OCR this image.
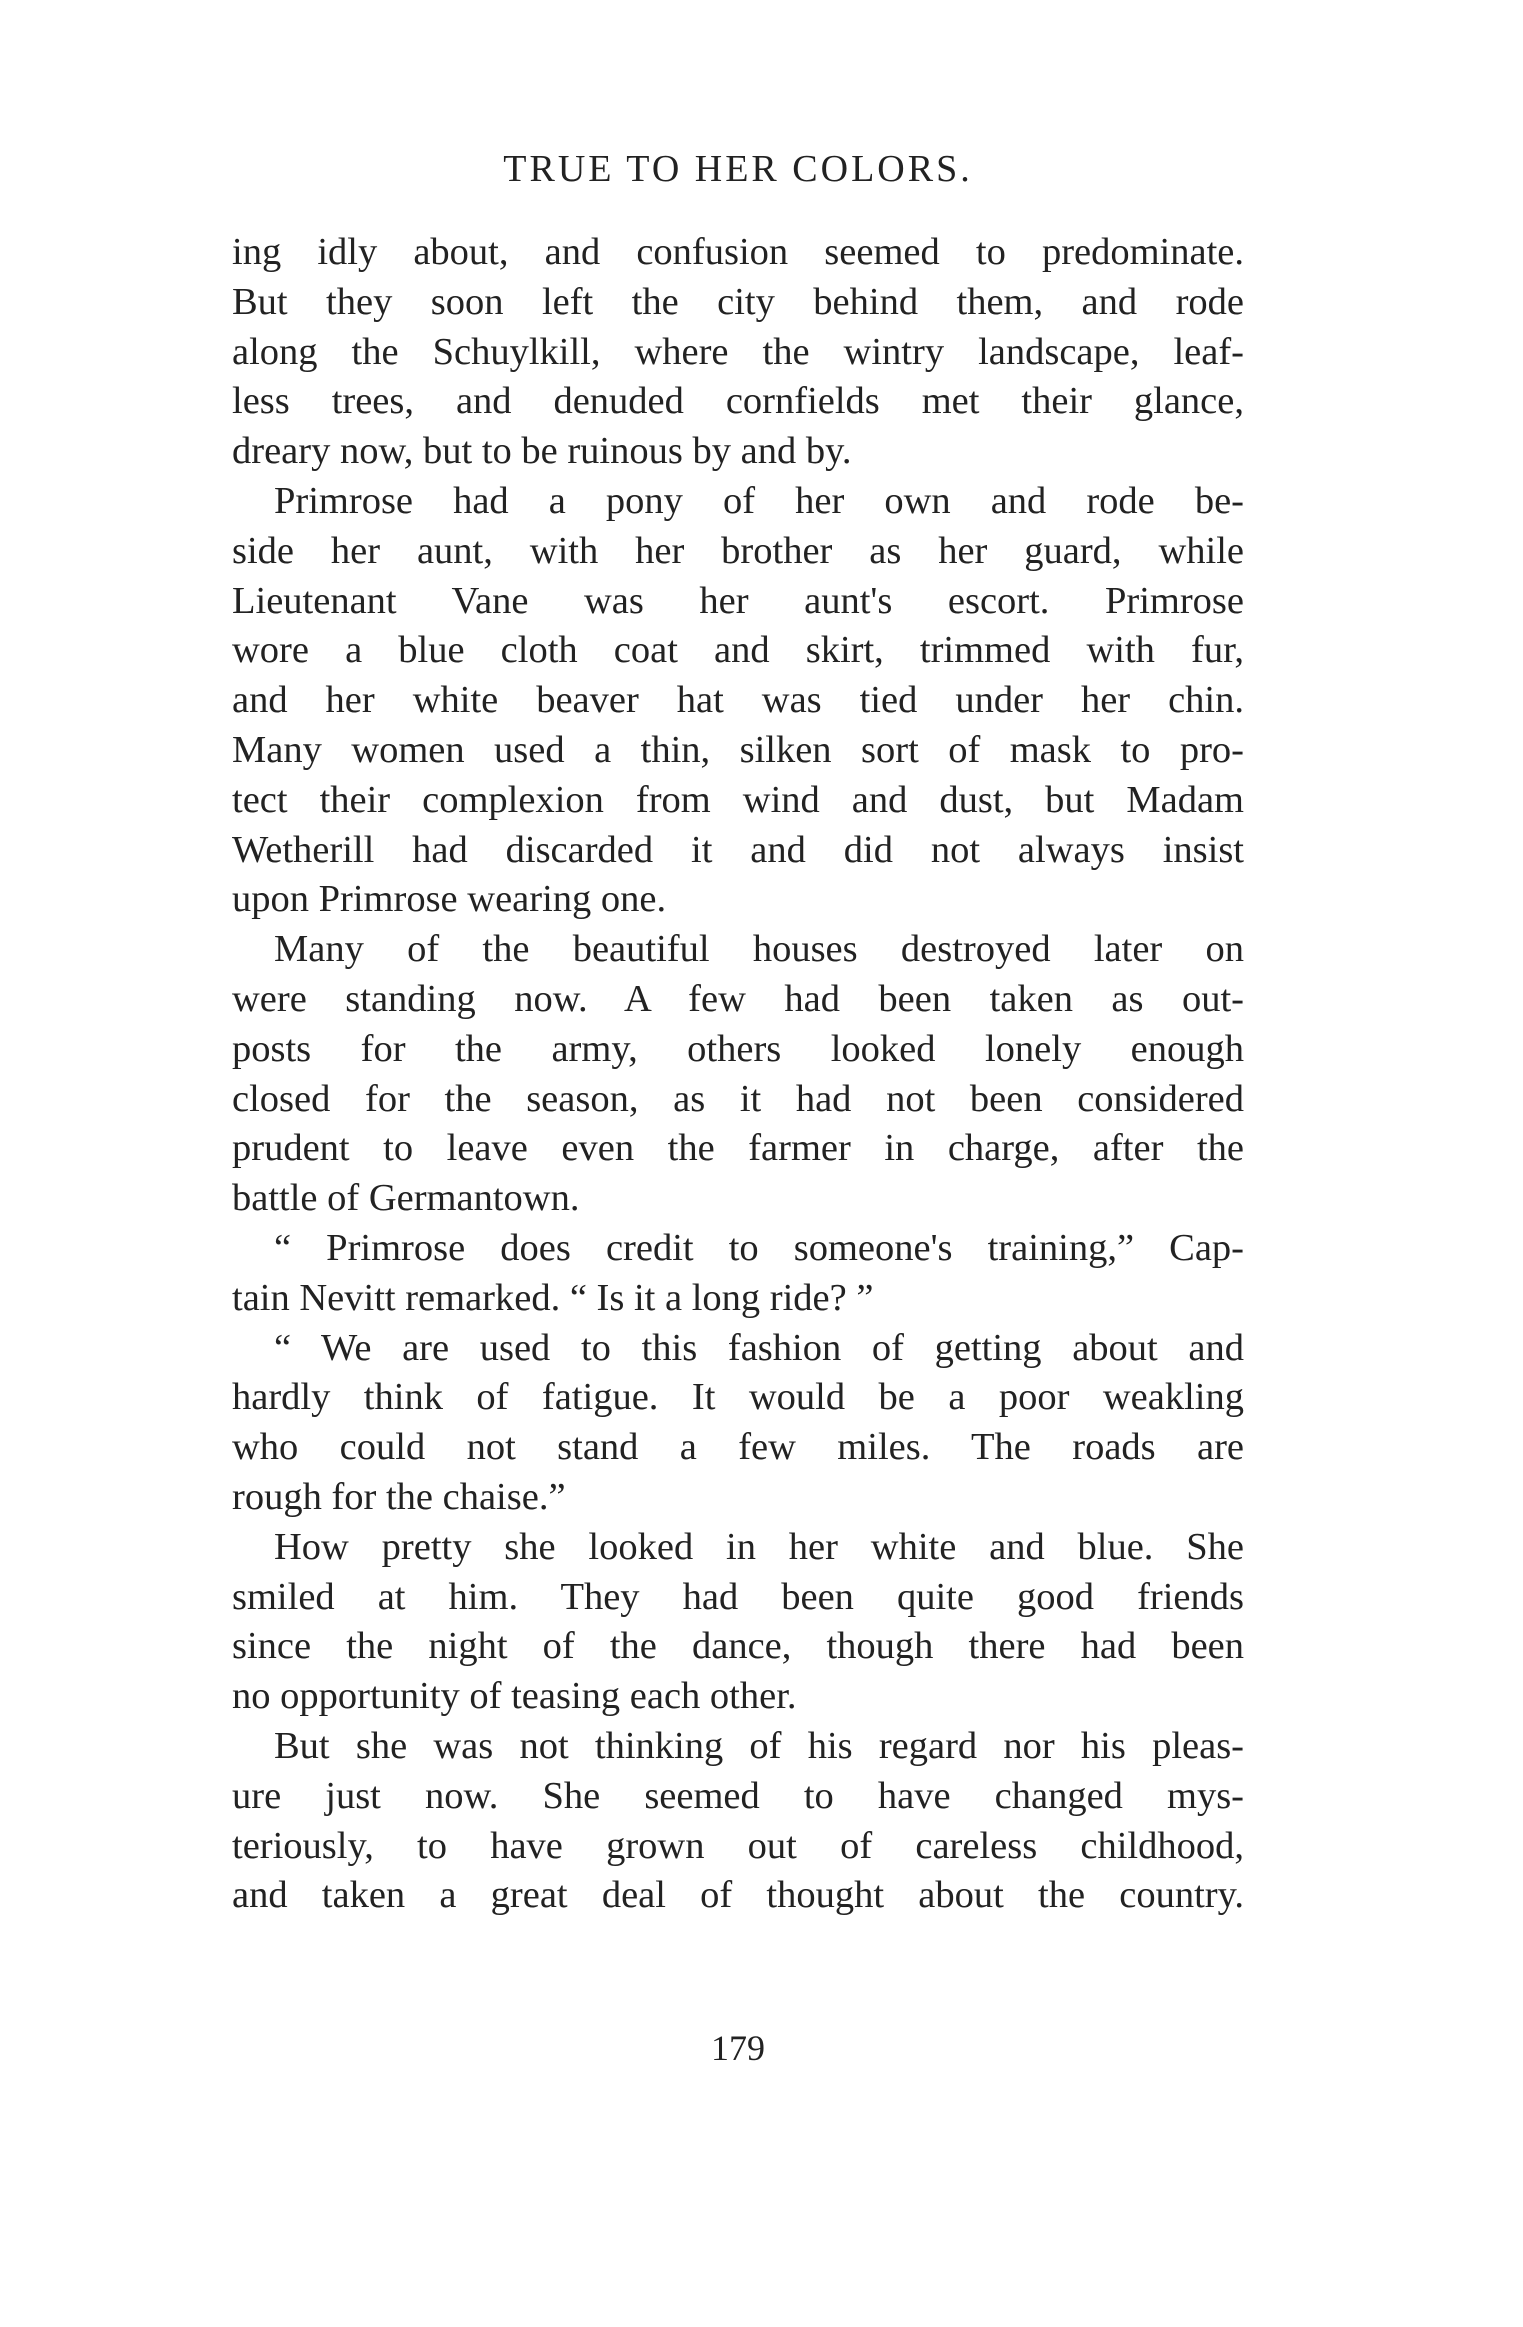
TRUE TO HER COLORS.

ing idly about, and confusion seemed to predominate.

But they soon left the city behind them, and rode

along the Schuylkill, where the wintry landscape, leaf-

less trees, and denuded cornfields met their glance,

dreary now, but to be ruinous by and by.

Primrose had a pony of her own and rode be-

side her aunt, with her brother as her guard, while

Lieutenant Vane was her aunt's escort. Primrose

wore a blue cloth coat and skirt, trimmed with fur,

and her white beaver hat was tied under her chin.

Many women used a thin, silken sort of mask to pro-

tect their complexion from wind and dust, but Madam

Wetherill had discarded it and did not always insist

upon Primrose wearing one.

Many of the beautiful houses destroyed later on

were standing now. A few had been taken as out-

posts for the army, others looked lonely enough

closed for the season, as it had not been considered

prudent to leave even the farmer in charge, after the

battle of Germantown.

“ Primrose does credit to someone's training,” Cap-

tain Nevitt remarked. “ Is it a long ride? ”

“ We are used to this fashion of getting about and

hardly think of fatigue. It would be a poor weakling

who could not stand a few miles. The roads are

rough for the chaise.”

How pretty she looked in her white and blue. She

smiled at him. They had been quite good friends

since the night of the dance, though there had been

no opportunity of teasing each other.

But she was not thinking of his regard nor his pleas-

ure just now. She seemed to have changed mys-

teriously, to have grown out of careless childhood,

and taken a great deal of thought about the country.

179
